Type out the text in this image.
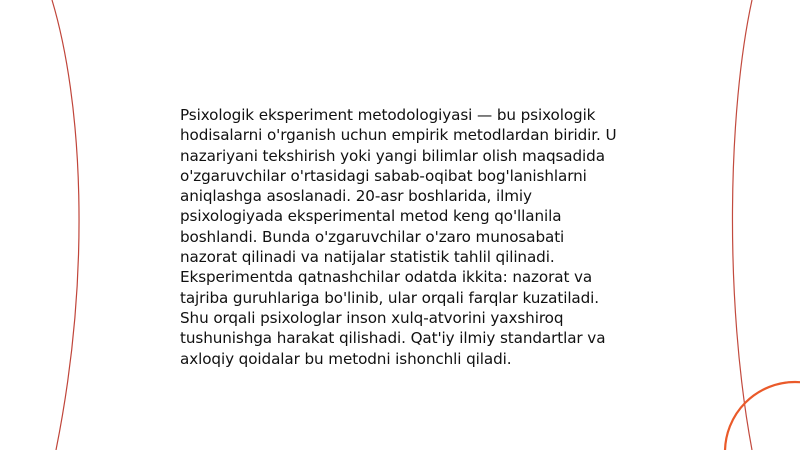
Psixologik eksperiment metodologiyasi — bu psixologik hodisalarni o'rganish uchun empirik metodlardan biridir. U nazariyani tekshirish yoki yangi bilimlar olish maqsadida o'zgaruvchilar o'rtasidagi sabab-oqibat bog'lanishlarni aniqlashga asoslanadi. 20-asr boshlarida, ilmiy psixologiyada eksperimental metod keng qo'llanila boshlandi. Bunda o'zgaruvchilar o'zaro munosabati nazorat qilinadi va natijalar statistik tahlil qilinadi. Eksperimentda qatnashchilar odatda ikkita: nazorat va tajriba guruhlariga bo'linib, ular orqali farqlar kuzatiladi. Shu orqali psixologlar inson xulq-atvorini yaxshiroq tushunishga harakat qilishadi. Qat'iy ilmiy standartlar va axloqiy qoidalar bu metodni ishonchli qiladi.
